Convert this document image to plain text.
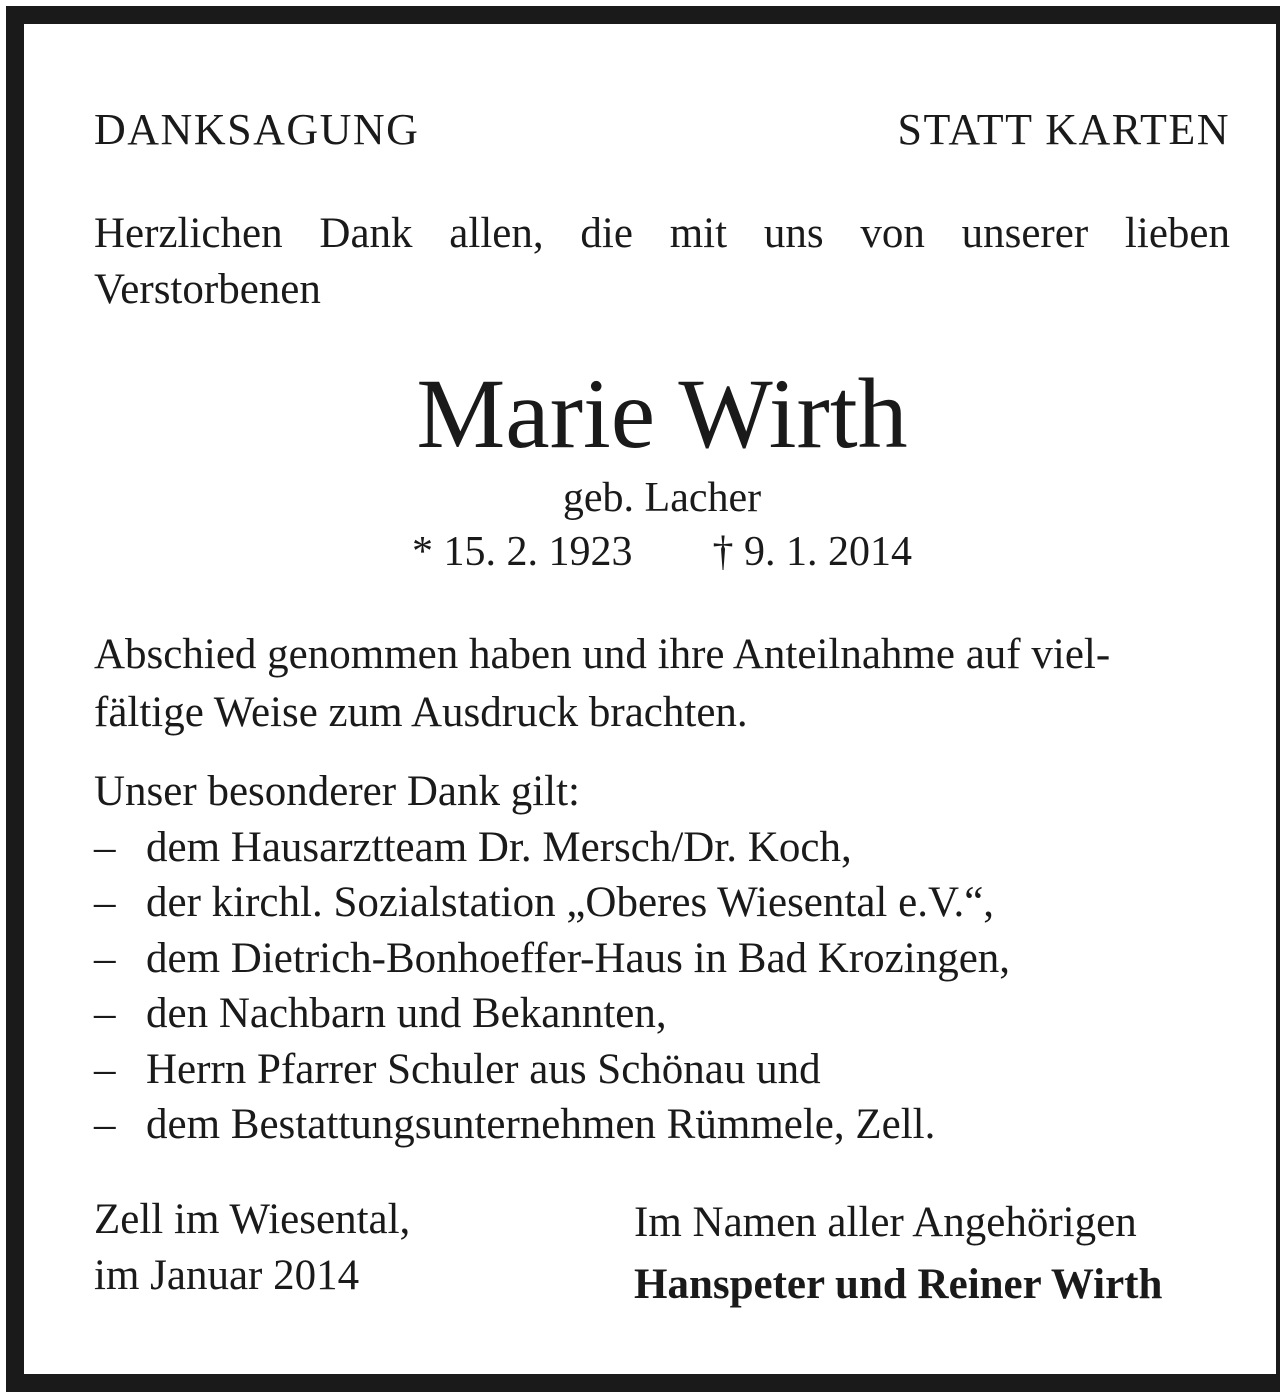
DANKSAGUNG	STATT KARTEN
Herzlichen Dank allen, die mit uns von unserer lieben
Verstorbenen
Marie Wirth
geb. Lacher
* 15. 2. 1923 † 9. 1. 2014
Abschied genommen haben und ihre Anteilnahme auf viel-
fältige Weise zum Ausdruck brachten.
Unser besonderer Dank gilt:
– dem Hausarztteam Dr. Mersch/Dr. Koch,
– der kirchl. Sozialstation „Oberes Wiesental e.V.“,
– dem Dietrich-Bonhoeffer-Haus in Bad Krozingen,
– den Nachbarn und Bekannten,
– Herrn Pfarrer Schuler aus Schönau und
– dem Bestattungsunternehmen Rümmele, Zell.
Zell im Wiesental,
im Januar 2014
Im Namen aller Angehörigen
Hanspeter und Reiner Wirth
